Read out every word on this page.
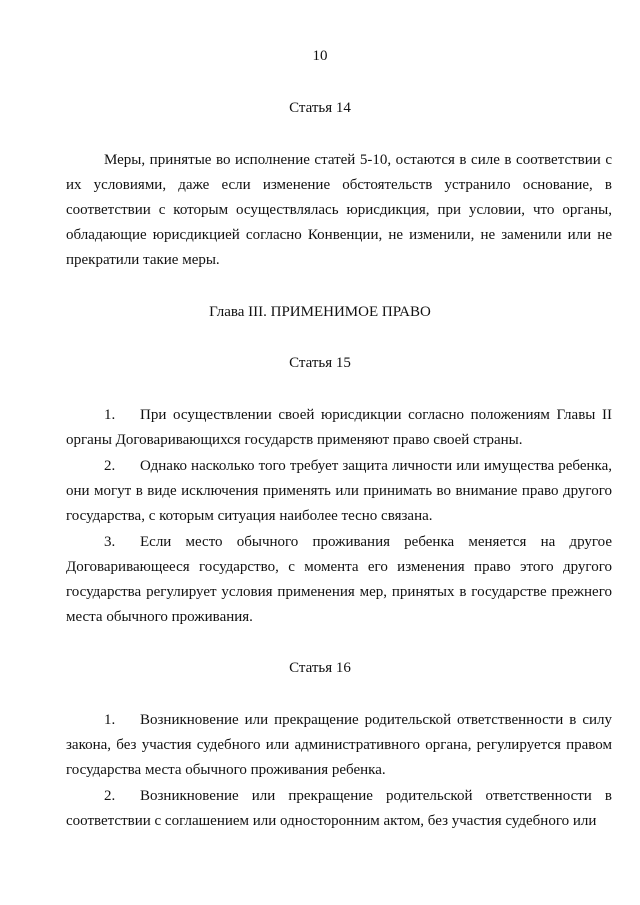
10
Статья 14

Меры, принятые во исполнение статей 5-10, остаются в силе в соответствии с их условиями, даже если изменение обстоятельств устранило основание, в соответствии с которым осуществлялась юрисдикция, при условии, что органы, обладающие юрисдикцией согласно Конвенции, не изменили, не заменили или не прекратили такие меры.

Глава III. ПРИМЕНИМОЕ ПРАВО
Статья 15

1. При осуществлении своей юрисдикции согласно положениям Главы II органы Договаривающихся государств применяют право своей страны.

2. Однако насколько того требует защита личности или имущества ребенка, они могут в виде исключения применять или принимать во внимание право другого государства, с которым ситуация наиболее тесно связана.

3. Если место обычного проживания ребенка меняется на другое Договаривающееся государство, с момента его изменения право этого другого государства регулирует условия применения мер, принятых в государстве прежнего места обычного проживания.

Статья 16

1. Возникновение или прекращение родительской ответственности в силу закона, без участия судебного или административного органа, регулируется правом государства места обычного проживания ребенка.

2. Возникновение или прекращение родительской ответственности в соответствии с соглашением или односторонним актом, без участия судебного или
